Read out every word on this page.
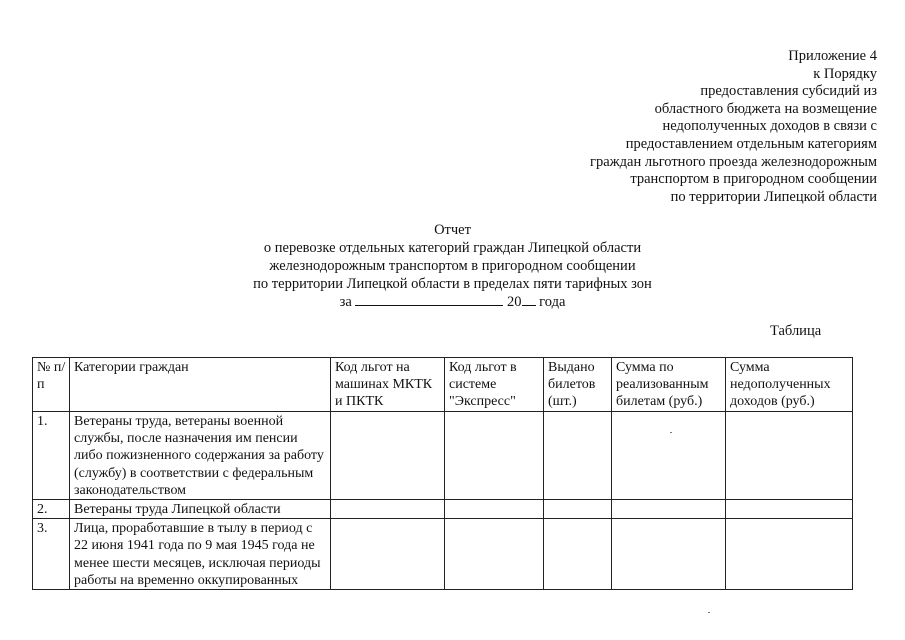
Приложение 4
к Порядку
предоставления субсидий из
областного бюджета на возмещение
недополученных доходов в связи с
предоставлением отдельным категориям
граждан льготного проезда железнодорожным
транспортом в пригородном сообщении
по территории Липецкой области
Отчет
о перевозке отдельных категорий граждан Липецкой области
железнодорожным транспортом в пригородном сообщении
по территории Липецкой области в пределах пяти тарифных зон
за	20 года
Таблица
№ п/п	Категории граждан	Код льгот на машинах МКТК и ПКТК	Код льгот в системе "Экспресс"	Выдано билетов (шт.)	Сумма по реализованным билетам (руб.)	Сумма недополученных доходов (руб.)
1.	Ветераны труда, ветераны военной службы, после назначения им пенсии либо пожизненного содержания за работу (службу) в соответствии с федеральным законодательством					
2.	Ветераны труда Липецкой области					
3.	Лица, проработавшие в тылу в период с 22 июня 1941 года по 9 мая 1945 года не менее шести месяцев, исключая периоды работы на временно оккупированных					
